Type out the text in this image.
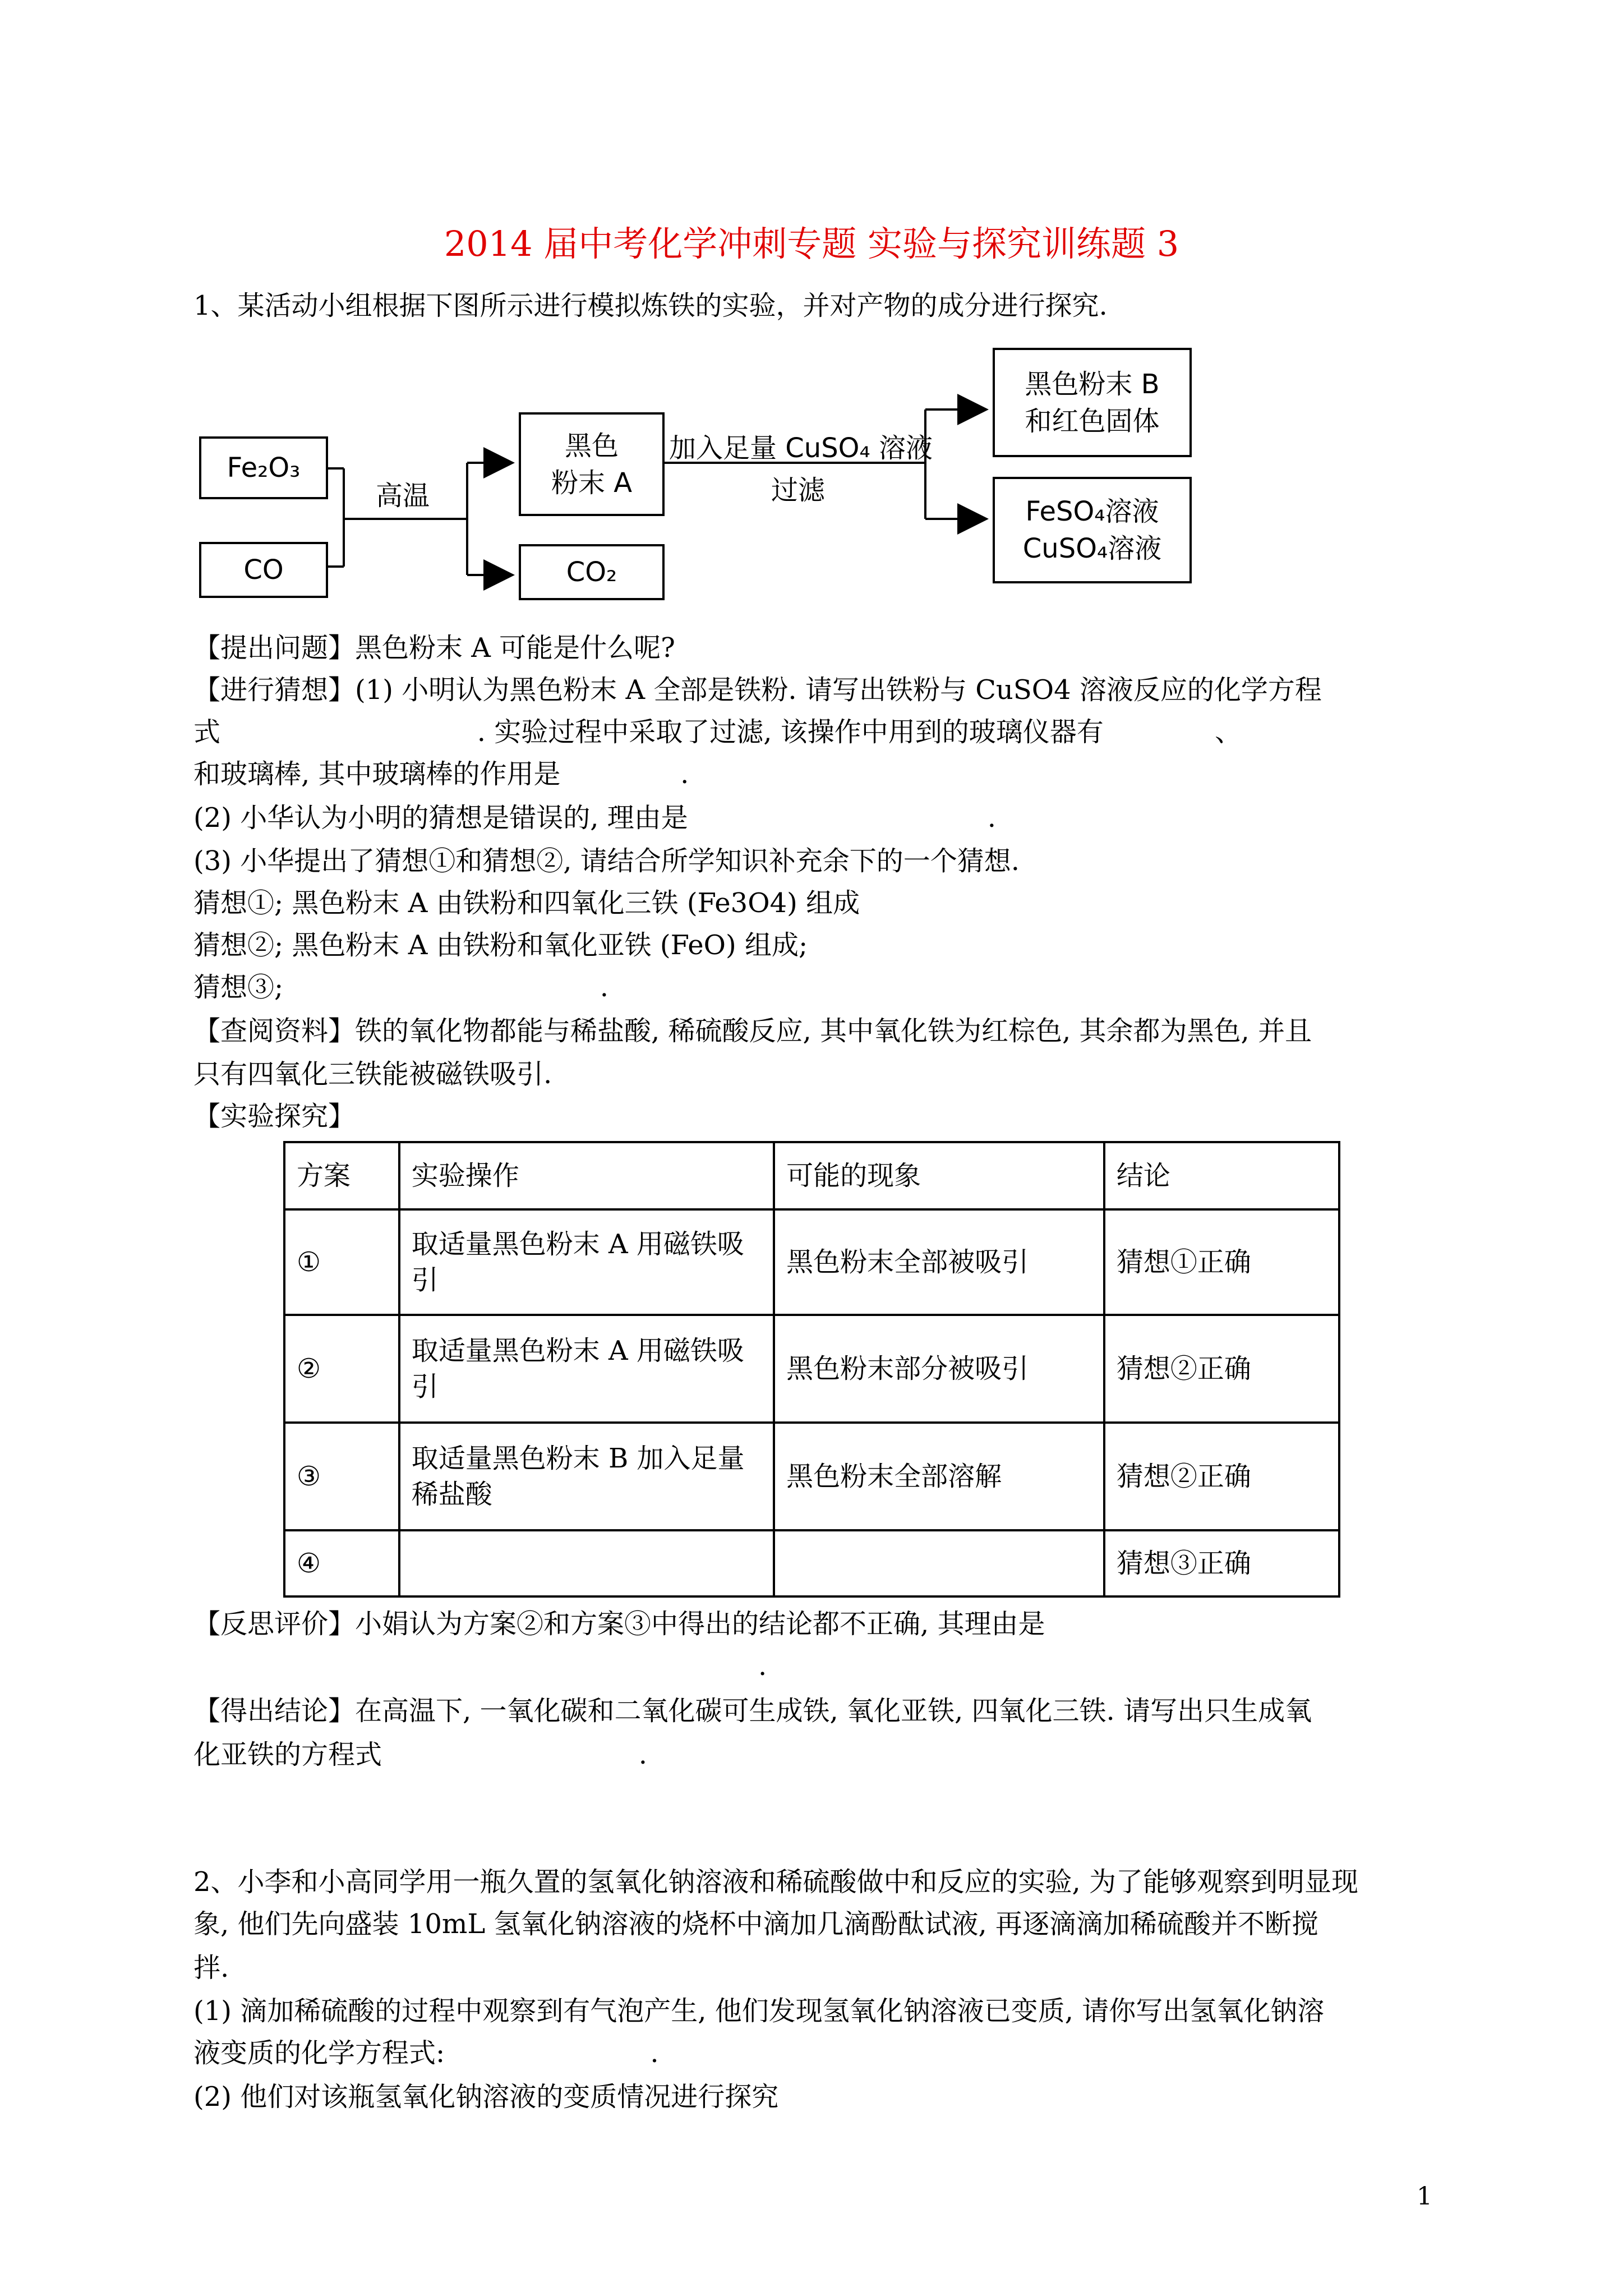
2014 届中考化学冲刺专题 实验与探究训练题 3
1、某活动小组根据下图所示进行模拟炼铁的实验，并对产物的成分进行探究.
Fe₂O₃
CO
高温
黑色
粉末 A
CO₂
加入足量 CuSO₄ 溶液
过滤
黑色粉末 B
和红色固体
FeSO₄溶液
CuSO₄溶液
【提出问题】黑色粉末 A 可能是什么呢?
【进行猜想】(1) 小明认为黑色粉末 A 全部是铁粉. 请写出铁粉与 CuSO4 溶液反应的化学方程
式                              . 实验过程中采取了过滤, 该操作中用到的玻璃仪器有             、
和玻璃棒, 其中玻璃棒的作用是              .
(2) 小华认为小明的猜想是错误的, 理由是                                   .
(3) 小华提出了猜想①和猜想②, 请结合所学知识补充余下的一个猜想.
猜想①; 黑色粉末 A 由铁粉和四氧化三铁 (Fe3O4) 组成
猜想②; 黑色粉末 A 由铁粉和氧化亚铁 (FeO) 组成;
猜想③;                                     .
【查阅资料】铁的氧化物都能与稀盐酸, 稀硫酸反应, 其中氧化铁为红棕色, 其余都为黑色, 并且
只有四氧化三铁能被磁铁吸引.
【实验探究】
方案	实验操作	可能的现象	结论
①	取适量黑色粉末 A 用磁铁吸引	黑色粉末全部被吸引	猜想①正确
②	取适量黑色粉末 A 用磁铁吸引	黑色粉末部分被吸引	猜想②正确
③	取适量黑色粉末 B 加入足量稀盐酸	黑色粉末全部溶解	猜想②正确
④			猜想③正确
【反思评价】小娟认为方案②和方案③中得出的结论都不正确, 其理由是
.
【得出结论】在高温下, 一氧化碳和二氧化碳可生成铁, 氧化亚铁, 四氧化三铁. 请写出只生成氧
化亚铁的方程式                              .
2、小李和小高同学用一瓶久置的氢氧化钠溶液和稀硫酸做中和反应的实验, 为了能够观察到明显现
象, 他们先向盛装 10mL 氢氧化钠溶液的烧杯中滴加几滴酚酞试液, 再逐滴滴加稀硫酸并不断搅
拌.
(1) 滴加稀硫酸的过程中观察到有气泡产生, 他们发现氢氧化钠溶液已变质, 请你写出氢氧化钠溶
液变质的化学方程式:                        .
(2) 他们对该瓶氢氧化钠溶液的变质情况进行探究
1
